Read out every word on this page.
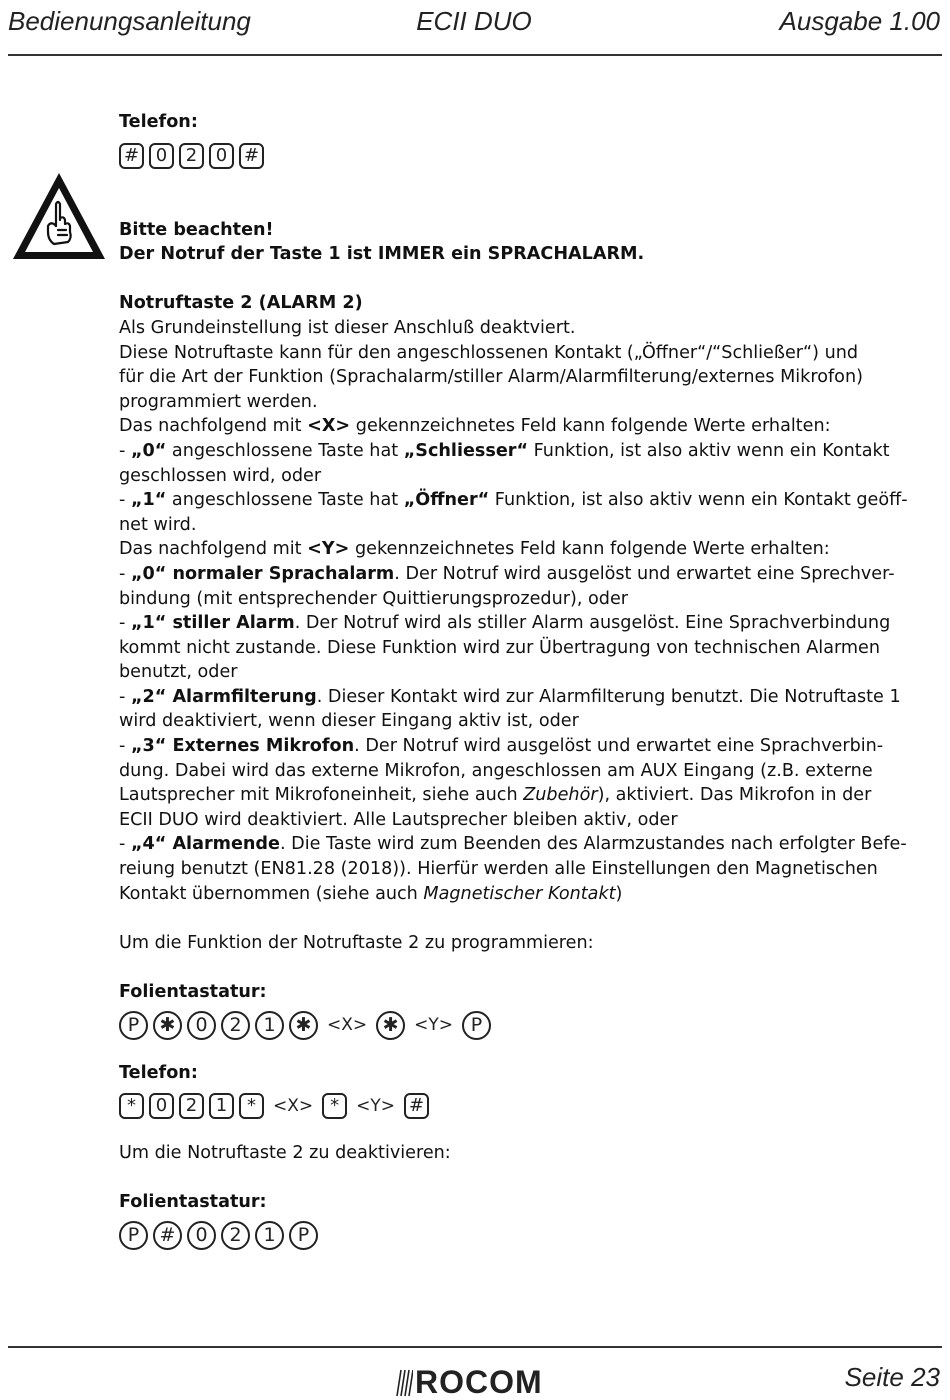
Bedienungsanleitung	ECII DUO	Ausgabe 1.00

Telefon:

# 0	2	0 #

Bitte beachten!

Der Notruf der Taste 1 ist IMMER ein SPRACHALARM.

Notruftaste 2 (ALARM 2)

Als Grundeinstellung ist dieser Anschluß deaktviert.

Diese Notruftaste kann für den angeschlossenen Kontakt („Öffner“/“Schließer“) und

für die Art der Funktion (Sprachalarm/stiller Alarm/Alarmfilterung/externes Mikrofon)

programmiert werden.

Das nachfolgend mit <X> gekennzeichnetes Feld kann folgende Werte erhalten:

- „0“ angeschlossene Taste hat „Schliesser“ Funktion, ist also aktiv wenn ein Kontakt

geschlossen wird, oder

- „1“ angeschlossene Taste hat „Öffner“ Funktion, ist also aktiv wenn ein Kontakt geöff-

net wird.

Das nachfolgend mit <Y> gekennzeichnetes Feld kann folgende Werte erhalten:

- „0“ normaler Sprachalarm. Der Notruf wird ausgelöst und erwartet eine Sprechver-

bindung (mit entsprechender Quittierungsprozedur), oder

- „1“ stiller Alarm. Der Notruf wird als stiller Alarm ausgelöst. Eine Sprachverbindung

kommt nicht zustande. Diese Funktion wird zur Übertragung von technischen Alarmen

benutzt, oder

- „2“ Alarmfilterung. Dieser Kontakt wird zur Alarmfilterung benutzt. Die Notruftaste 1

wird deaktiviert, wenn dieser Eingang aktiv ist, oder

- „3“ Externes Mikrofon. Der Notruf wird ausgelöst und erwartet eine Sprachverbin-

dung. Dabei wird das externe Mikrofon, angeschlossen am AUX Eingang (z.B. externe

Lautsprecher mit Mikrofoneinheit, siehe auch Zubehör), aktiviert. Das Mikrofon in der

ECII DUO wird deaktiviert. Alle Lautsprecher bleiben aktiv, oder

- „4“ Alarmende. Die Taste wird zum Beenden des Alarmzustandes nach erfolgter Befe-

reiung benutzt (EN81.28 (2018)). Hierfür werden alle Einstellungen den Magnetischen

Kontakt übernommen (siehe auch Magnetischer Kontakt)

Um die Funktion der Notruftaste 2 zu programmieren:

Folientastatur:

P	✱	0	2	1	✱ <X> ✱ <Y> P

Telefon:

*	0	2	1	*	<X> *	<Y> #

Um die Notruftaste 2 zu deaktivieren:

Folientastatur:

P	#	0	2	1	P
ROCOM	Seite 23
